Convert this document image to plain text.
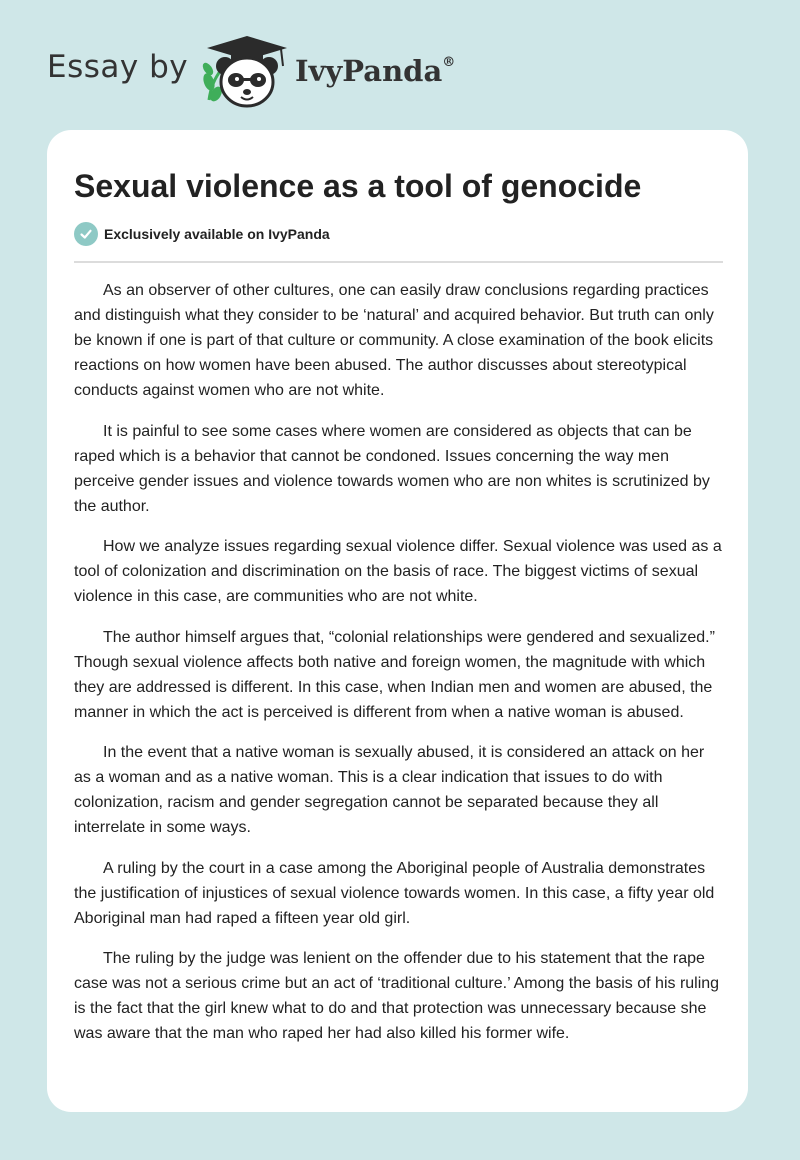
Essay by	IvyPanda®
Sexual violence as a tool of genocide
Exclusively available on IvyPanda

As an observer of other cultures, one can easily draw conclusions regarding practices and distinguish what they consider to be ‘natural’ and acquired behavior. But truth can only be known if one is part of that culture or community. A close examination of the book elicits reactions on how women have been abused. The author discusses about stereotypical conducts against women who are not white.

It is painful to see some cases where women are considered as objects that can be raped which is a behavior that cannot be condoned. Issues concerning the way men perceive gender issues and violence towards women who are non whites is scrutinized by the author.

How we analyze issues regarding sexual violence differ. Sexual violence was used as a tool of colonization and discrimination on the basis of race. The biggest victims of sexual violence in this case, are communities who are not white.

The author himself argues that, “colonial relationships were gendered and sexualized.” Though sexual violence affects both native and foreign women, the magnitude with which they are addressed is different. In this case, when Indian men and women are abused, the manner in which the act is perceived is different from when a native woman is abused.

In the event that a native woman is sexually abused, it is considered an attack on her as a woman and as a native woman. This is a clear indication that issues to do with colonization, racism and gender segregation cannot be separated because they all interrelate in some ways.

A ruling by the court in a case among the Aboriginal people of Australia demonstrates the justification of injustices of sexual violence towards women. In this case, a fifty year old Aboriginal man had raped a fifteen year old girl.

The ruling by the judge was lenient on the offender due to his statement that the rape case was not a serious crime but an act of ‘traditional culture.’ Among the basis of his ruling is the fact that the girl knew what to do and that protection was unnecessary because she was aware that the man who raped her had also killed his former wife.
